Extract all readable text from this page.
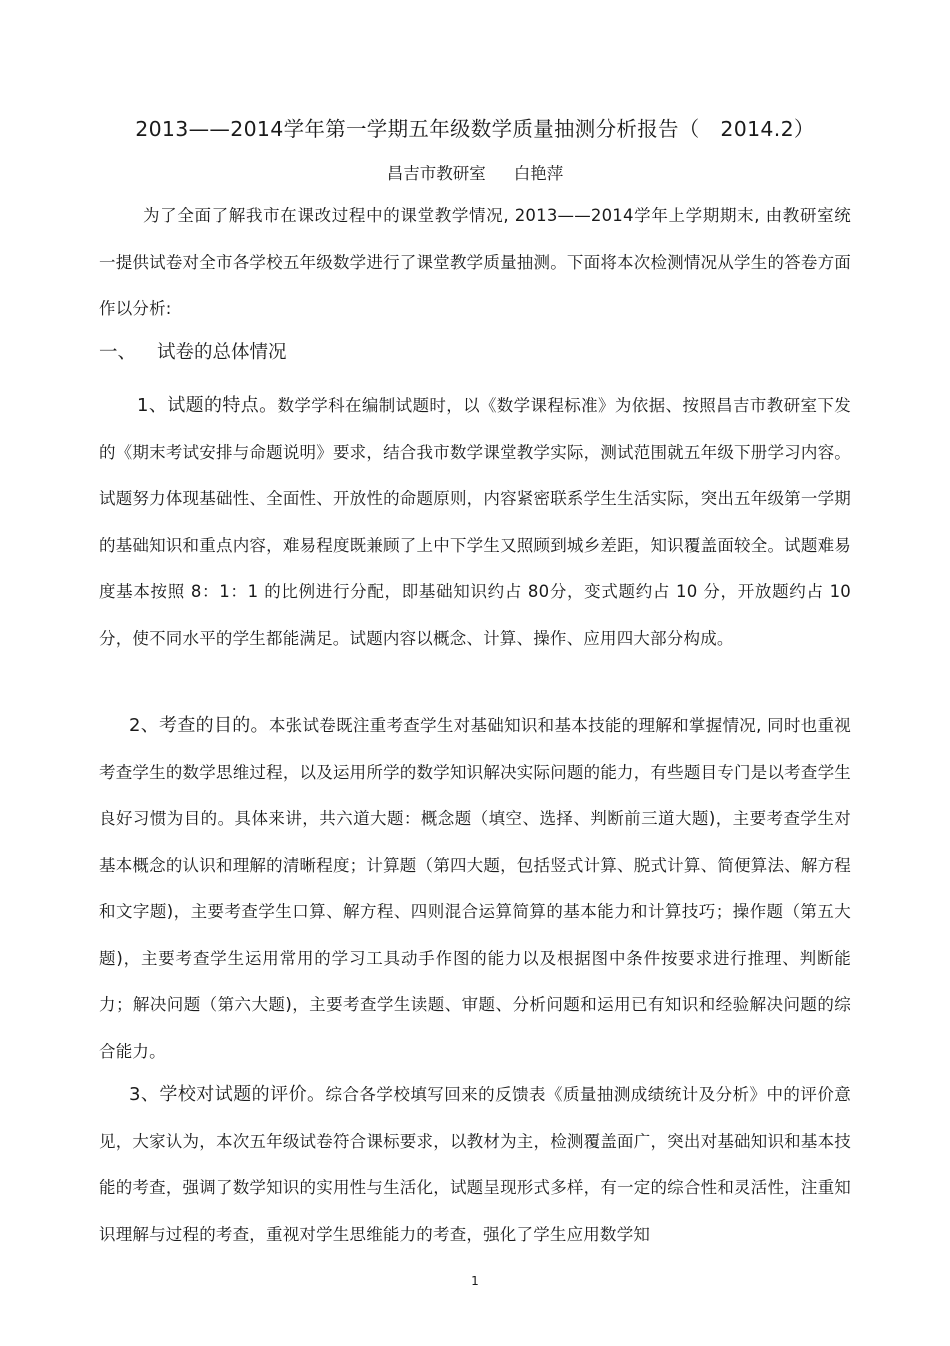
2013——2014学年第一学期五年级数学质量抽测分析报告（　2014.2）
昌吉市教研室 白艳萍
为了全面了解我市在课改过程中的课堂教学情况, 2013——2014学年上学期期末, 由教研室统一提供试卷对全市各学校五年级数学进行了课堂教学质量抽测。下面将本次检测情况从学生的答卷方面作以分析:
一、 试卷的总体情况
1、试题的特点。数学学科在编制试题时，以《数学课程标准》为依据、按照昌吉市教研室下发的《期末考试安排与命题说明》要求，结合我市数学课堂教学实际，测试范围就五年级下册学习内容。试题努力体现基础性、全面性、开放性的命题原则，内容紧密联系学生生活实际，突出五年级第一学期的基础知识和重点内容，难易程度既兼顾了上中下学生又照顾到城乡差距，知识覆盖面较全。试题难易度基本按照 8：1：1 的比例进行分配，即基础知识约占 80分，变式题约占 10 分，开放题约占 10 分，使不同水平的学生都能满足。试题内容以概念、计算、操作、应用四大部分构成。
2、考查的目的。本张试卷既注重考查学生对基础知识和基本技能的理解和掌握情况, 同时也重视考查学生的数学思维过程，以及运用所学的数学知识解决实际问题的能力，有些题目专门是以考查学生良好习惯为目的。具体来讲，共六道大题：概念题（填空、选择、判断前三道大题)，主要考查学生对基本概念的认识和理解的清晰程度；计算题（第四大题，包括竖式计算、脱式计算、简便算法、解方程和文字题)，主要考查学生口算、解方程、四则混合运算简算的基本能力和计算技巧；操作题（第五大题)，主要考查学生运用常用的学习工具动手作图的能力以及根据图中条件按要求进行推理、判断能力；解决问题（第六大题)，主要考查学生读题、审题、分析问题和运用已有知识和经验解决问题的综合能力。
3、学校对试题的评价。综合各学校填写回来的反馈表《质量抽测成绩统计及分析》中的评价意见，大家认为，本次五年级试卷符合课标要求，以教材为主，检测覆盖面广，突出对基础知识和基本技能的考查，强调了数学知识的实用性与生活化，试题呈现形式多样，有一定的综合性和灵活性，注重知识理解与过程的考查，重视对学生思维能力的考查，强化了学生应用数学知
1
